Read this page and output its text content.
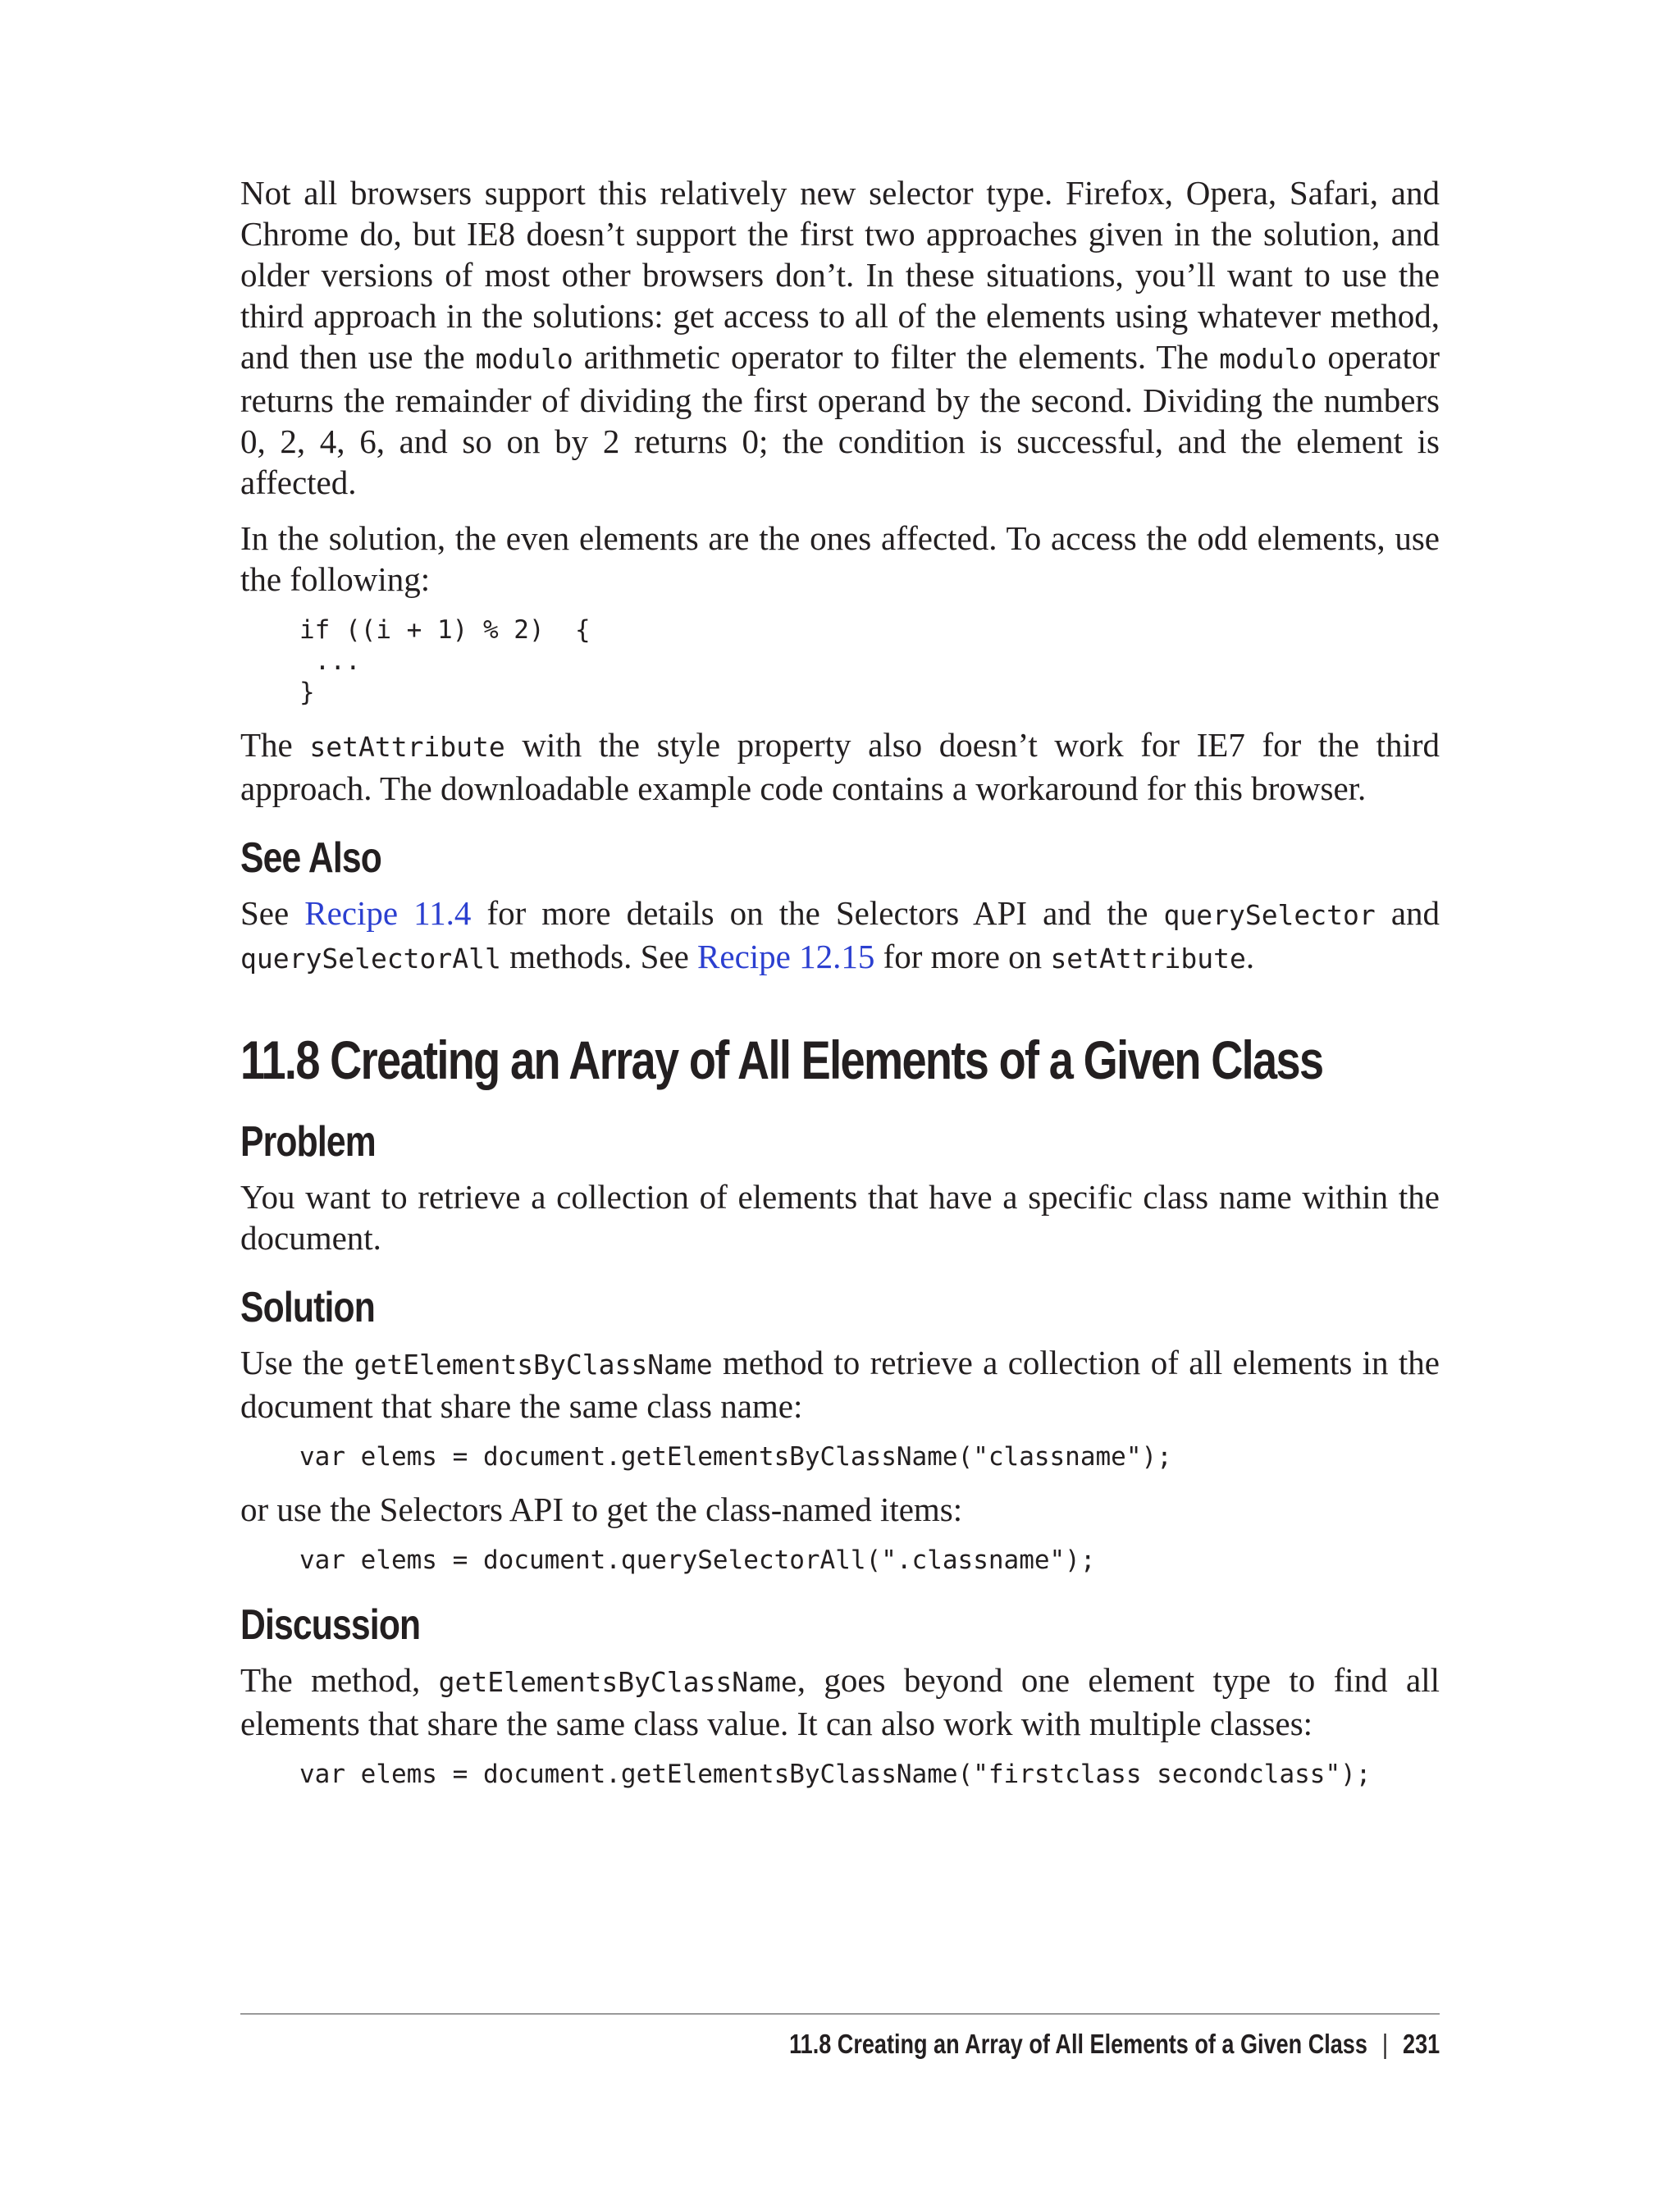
Not all browsers support this relatively new selector type. Firefox, Opera, Safari, and Chrome do, but IE8 doesn’t support the first two approaches given in the solution, and older versions of most other browsers don’t. In these situations, you’ll want to use the third approach in the solutions: get access to all of the elements using whatever method, and then use the modulo arithmetic operator to filter the elements. The modulo operator returns the remainder of dividing the first operand by the second. Dividing the numbers 0, 2, 4, 6, and so on by 2 returns 0; the condition is successful, and the element is affected.

In the solution, the even elements are the ones affected. To access the odd elements, use the following:

if ((i + 1) % 2)  {
...
}

The setAttribute with the style property also doesn’t work for IE7 for the third approach. The downloadable example code contains a workaround for this browser.

See Also

See Recipe 11.4 for more details on the Selectors API and the querySelector and querySelectorAll methods. See Recipe 12.15 for more on setAttribute.

11.8 Creating an Array of All Elements of a Given Class
Problem

You want to retrieve a collection of elements that have a specific class name within the document.

Solution

Use the getElementsByClassName method to retrieve a collection of all elements in the document that share the same class name:

var elems = document.getElementsByClassName("classname");

or use the Selectors API to get the class-named items:

var elems = document.querySelectorAll(".classname");
Discussion

The method, getElementsByClassName, goes beyond one element type to find all elements that share the same class value. It can also work with multiple classes:

var elems = document.getElementsByClassName("firstclass secondclass");
11.8 Creating an Array of All Elements of a Given Class | 231
